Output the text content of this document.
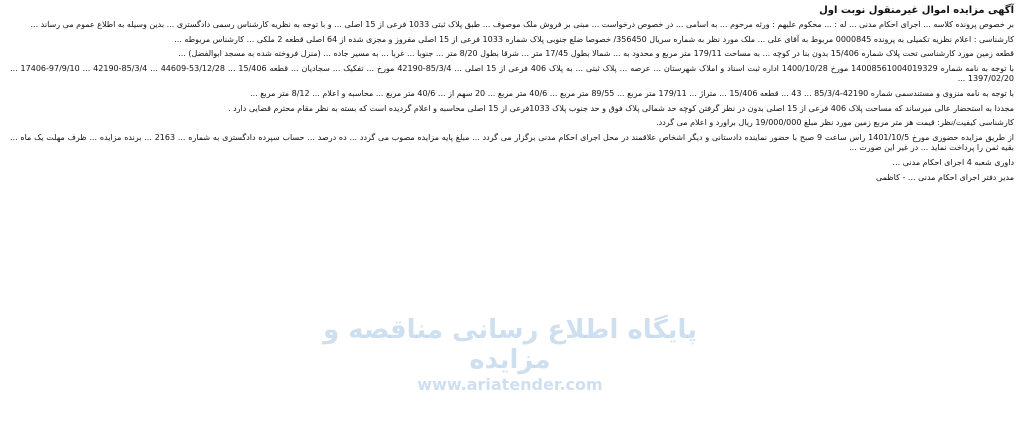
آگهی مزایده اموال غیرمنقول نوبت اول

بر خصوص پرونده کلاسه ... اجرای احکام مدنی ... له : ... محکوم علیهم : ورثه مرحوم ... به اسامی ... در خصوص درخواست ... مبنی بر فروش ملک موصوف ... طبق پلاک ثبتی 1033 فرعی از 15 اصلی ... و با توجه به نظریه کارشناس رسمی دادگستری ... بدین وسیله به اطلاع عموم می رساند ...

کارشناسی : اعلام نظریه تکمیلی به پرونده 0000845 مربوط به آقای علی ... ملک مورد نظر به شماره سریال 356450/ خصوصا ضلع جنوبی پلاک شماره 1033 فرعی از 15 اصلی مفروز و مجزی شده از 64 اصلی قطعه 2 ملکی ... کارشناس مربوطه ...

قطعه زمین مورد کارشناسی تحت پلاک شماره 15/406 بدون بنا در کوچه ... به مساحت 179/11 متر مربع و محدود به ... شمالا بطول 17/45 متر ... شرقا بطول 8/20 متر ... جنوبا ... غربا ... به مسیر جاده ... (منزل فروخته شده به مسجد ابوالفضل) ...

با توجه به نامه شماره 14008561004019329 مورخ 1400/10/28 اداره ثبت اسناد و املاک شهرستان ... عرصه ... پلاک ثبتی ... به پلاک 406 فرعی از 15 اصلی ... 85/3/4-42190 مورخ ... تفکیک ... سجادیان ... قطعه 15/406 ... 53/12/28-44609 ... 85/3/4-42190 ... 97/9/10-17406 ... 1397/02/20 ...

با توجه به نامه منزوی و مستندسمی شماره 42190-85/3/4 ... 43 ... قطعه 15/406 ... متراژ ... 179/11 متر مربع ... 89/55 متر مربع ... 40/6 متر مربع ... 20 سهم از ... 40/6 متر مربع ... محاسبه و اعلام ... 8/12 متر مربع ...

مجددا به استحضار عالی میرساند که مساحت پلاک 406 فرعی از 15 اصلی بدون در نظر گرفتن کوچه حد شمالی پلاک فوق و حد جنوب پلاک 1033فرعی از 15 اصلی محاسبه و اعلام گردیده است که بسته به نظر مقام محترم قضایی دارد .

کارشناسی کیفیت/نظر: قیمت هر متر مربع زمین مورد نظر مبلغ 19/000/000 ریال براورد و اعلام می گردد.

از طریق مزایده حضوری مورخ 1401/10/5 راس ساعت 9 صبح با حضور نماینده دادستانی و دیگر اشخاص علاقمند در محل اجرای احکام مدنی برگزار می گردد ... مبلغ پایه مزایده مصوب می گردد ... ده درصد ... حساب سپرده دادگستری به شماره ... 2163 ... برنده مزایده ... ظرف مهلت یک ماه ... بقیه ثمن را پرداخت نماید ... در غیر این صورت ...

داوری شعبه 4 اجرای احکام مدنی ...

مدیر دفتر اجرای احکام مدنی ... - کاظمی
پایگاه اطلاع رسانی مناقصه و مزایده
www.ariatender.com
